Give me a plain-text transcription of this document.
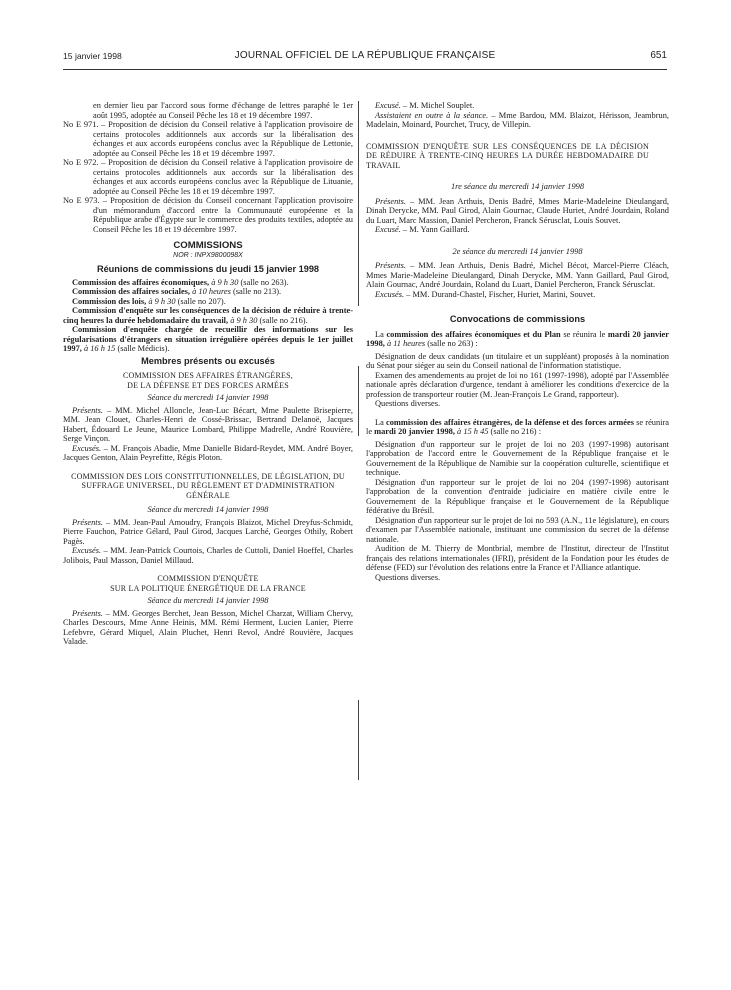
15 janvier 1998	JOURNAL OFFICIEL DE LA RÉPUBLIQUE FRANÇAISE	651

en dernier lieu par l'accord sous forme d'échange de lettres paraphé le 1er août 1995, adoptée au Conseil Pêche les 18 et 19 décembre 1997.

No E 971. – Proposition de décision du Conseil relative à l'application provisoire de certains protocoles additionnels aux accords sur la libéralisation des échanges et aux accords européens conclus avec la République de Lettonie, adoptée au Conseil Pêche les 18 et 19 décembre 1997.

No E 972. – Proposition de décision du Conseil relative à l'application provisoire de certains protocoles additionnels aux accords sur la libéralisation des échanges et aux accords européens conclus avec la République de Lituanie, adoptée au Conseil Pêche les 18 et 19 décembre 1997.

No E 973. – Proposition de décision du Conseil concernant l'application provisoire d'un mémorandum d'accord entre la Communauté européenne et la République arabe d'Égypte sur le commerce des produits textiles, adoptée au Conseil Pêche les 18 et 19 décembre 1997.

COMMISSIONS

NOR : INPX9800098X

Réunions de commissions du jeudi 15 janvier 1998

Commission des affaires économiques, à 9 h 30 (salle no 263).

Commission des affaires sociales, à 10 heures (salle no 213).

Commission des lois, à 9 h 30 (salle no 207).

Commission d'enquête sur les conséquences de la décision de réduire à trente-cinq heures la durée hebdomadaire du travail, à 9 h 30 (salle no 216).

Commission d'enquête chargée de recueillir des informations sur les régularisations d'étrangers en situation irrégulière opérées depuis le 1er juillet 1997, à 16 h 15 (salle Médicis).

Membres présents ou excusés

COMMISSION DES AFFAIRES ÉTRANGÈRES,

DE LA DÉFENSE ET DES FORCES ARMÉES

Séance du mercredi 14 janvier 1998

Présents. – MM. Michel Alloncle, Jean-Luc Bécart, Mme Paulette Brisepierre, MM. Jean Clouet, Charles-Henri de Cossé-Brissac, Bertrand Delanoë, Jacques Habert, Édouard Le Jeune, Maurice Lombard, Philippe Madrelle, André Rouvière, Serge Vinçon.

Excusés. – M. François Abadie, Mme Danielle Bidard-Reydet, MM. André Boyer, Jacques Genton, Alain Peyrefitte, Régis Ploton.

COMMISSION DES LOIS CONSTITUTIONNELLES, DE LÉGISLATION, DU SUFFRAGE UNIVERSEL, DU RÈGLEMENT ET D'ADMINISTRATION GÉNÉRALE

Séance du mercredi 14 janvier 1998

Présents. – MM. Jean-Paul Amoudry, François Blaizot, Michel Dreyfus-Schmidt, Pierre Fauchon, Patrice Gélard, Paul Girod, Jacques Larché, Georges Othily, Robert Pagès.

Excusés. – MM. Jean-Patrick Courtois, Charles de Cuttoli, Daniel Hoeffel, Charles Jolibois, Paul Masson, Daniel Millaud.

COMMISSION D'ENQUÊTE

SUR LA POLITIQUE ÉNERGÉTIQUE DE LA FRANCE

Séance du mercredi 14 janvier 1998

Présents. – MM. Georges Berchet, Jean Besson, Michel Charzat, William Chervy, Charles Descours, Mme Anne Heinis, MM. Rémi Herment, Lucien Lanier, Pierre Lefebvre, Gérard Miquel, Alain Pluchet, Henri Revol, André Rouvière, Jacques Valade.

Excusé. – M. Michel Souplet.

Assistaient en outre à la séance. – Mme Bardou, MM. Blaizot, Hérisson, Jeambrun, Madelain, Moinard, Pourchet, Trucy, de Villepin.

COMMISSION D'ENQUÊTE SUR LES CONSÉQUENCES DE LA DÉCISION DE RÉDUIRE À TRENTE-CINQ HEURES LA DURÉE HEBDOMADAIRE DU TRAVAIL

1re séance du mercredi 14 janvier 1998

Présents. – MM. Jean Arthuis, Denis Badré, Mmes Marie-Madeleine Dieulangard, Dinah Derycke, MM. Paul Girod, Alain Gournac, Claude Huriet, André Jourdain, Roland du Luart, Marc Massion, Daniel Percheron, Franck Sérusclat, Louis Souvet.

Excusé. – M. Yann Gaillard.

2e séance du mercredi 14 janvier 1998

Présents. – MM. Jean Arthuis, Denis Badré, Michel Bécot, Marcel-Pierre Cléach, Mmes Marie-Madeleine Dieulangard, Dinah Derycke, MM. Yann Gaillard, Paul Girod, Alain Gournac, André Jourdain, Roland du Luart, Daniel Percheron, Franck Sérusclat.

Excusés. – MM. Durand-Chastel, Fischer, Huriet, Marini, Souvet.

Convocations de commissions

La commission des affaires économiques et du Plan se réunira le mardi 20 janvier 1998, à 11 heures (salle no 263) :

Désignation de deux candidats (un titulaire et un suppléant) proposés à la nomination du Sénat pour siéger au sein du Conseil national de l'information statistique.

Examen des amendements au projet de loi no 161 (1997-1998), adopté par l'Assemblée nationale après déclaration d'urgence, tendant à améliorer les conditions d'exercice de la profession de transporteur routier (M. Jean-François Le Grand, rapporteur).

Questions diverses.

La commission des affaires étrangères, de la défense et des forces armées se réunira le mardi 20 janvier 1998, à 15 h 45 (salle no 216) :

Désignation d'un rapporteur sur le projet de loi no 203 (1997-1998) autorisant l'approbation de l'accord entre le Gouvernement de la République française et le Gouvernement de la République de Namibie sur la coopération culturelle, scientifique et technique.

Désignation d'un rapporteur sur le projet de loi no 204 (1997-1998) autorisant l'approbation de la convention d'entraide judiciaire en matière civile entre le Gouvernement de la République française et le Gouvernement de la République fédérative du Brésil.

Désignation d'un rapporteur sur le projet de loi no 593 (A.N., 11e législature), en cours d'examen par l'Assemblée nationale, instituant une commission du secret de la défense nationale.

Audition de M. Thierry de Montbrial, membre de l'Institut, directeur de l'Institut français des relations internationales (IFRI), président de la Fondation pour les études de défense (FED) sur l'évolution des relations entre la France et l'Alliance atlantique.

Questions diverses.
